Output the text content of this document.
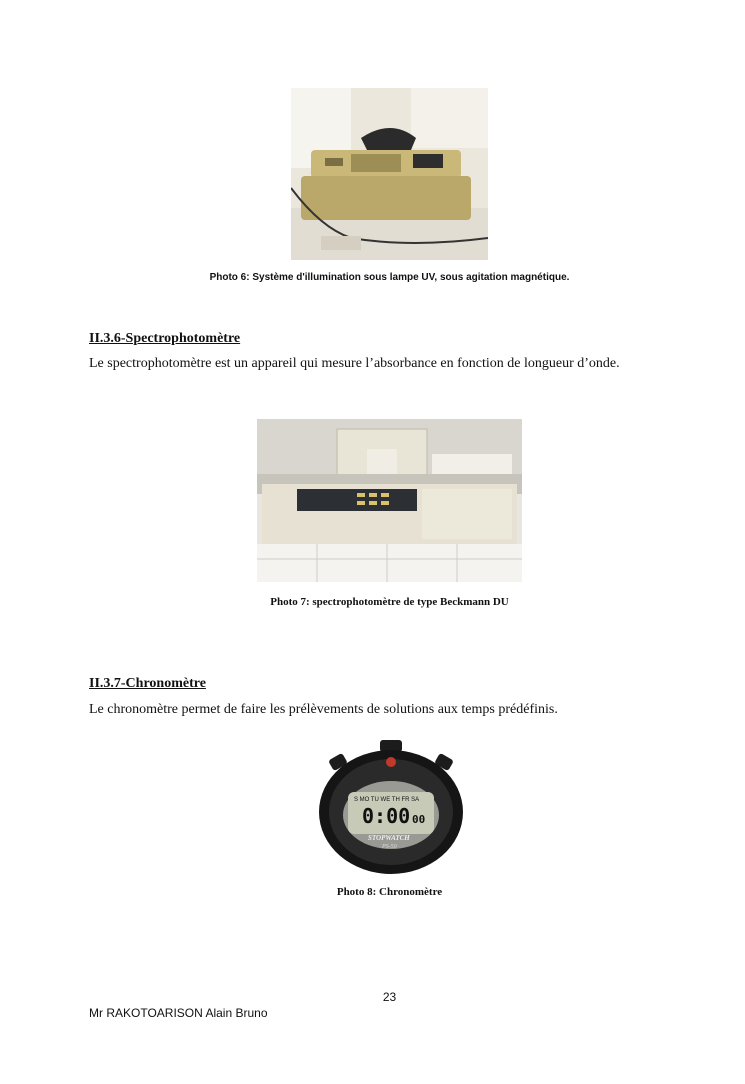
Photo 6: Système d'illumination sous lampe UV, sous agitation magnétique.
II.3.6-Spectrophotomètre
Le spectrophotomètre est un appareil qui mesure l’absorbance en fonction de longueur d’onde.
Photo 7: spectrophotomètre de type Beckmann DU
II.3.7-Chronomètre
Le chronomètre permet de faire les prélèvements de solutions aux temps prédéfinis.
S MO TU WE TH FR SA
0:00 00
STOPWATCH
PS-50
Photo 8: Chronomètre
23
Mr RAKOTOARISON Alain Bruno
